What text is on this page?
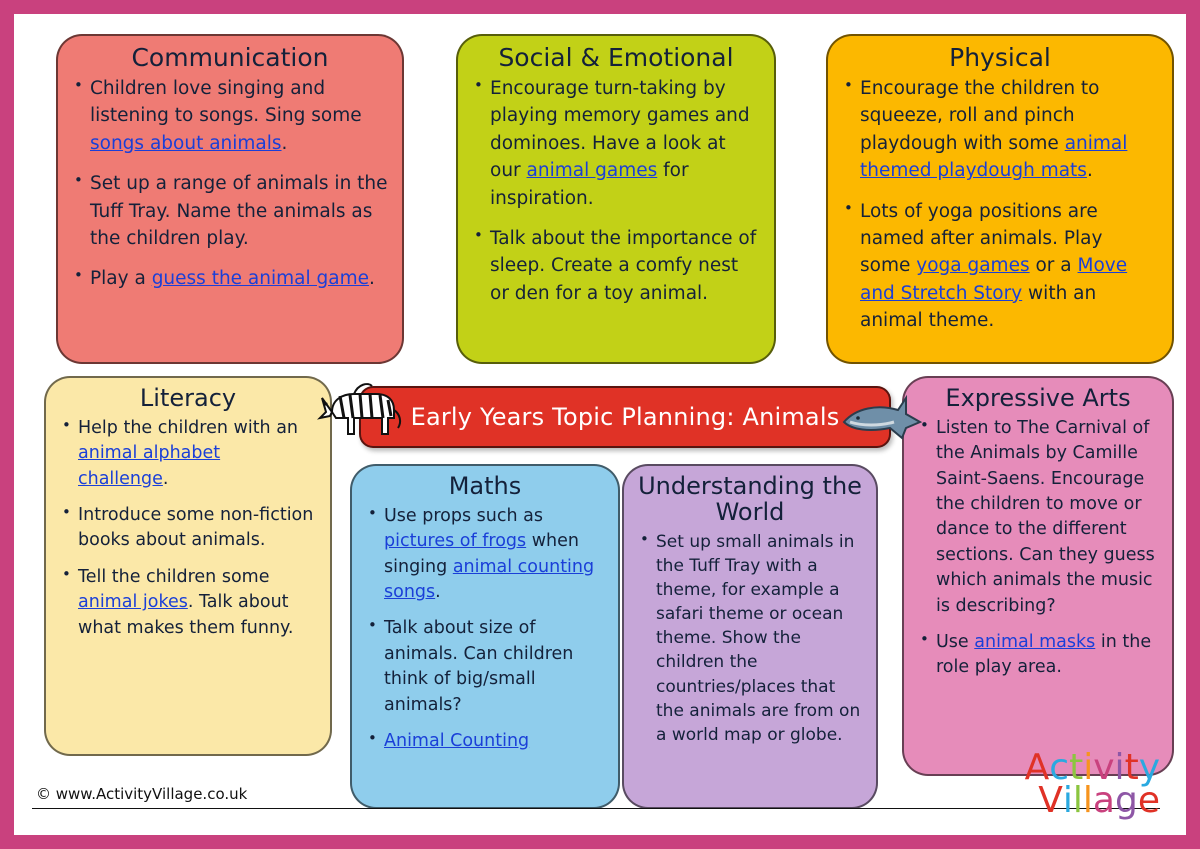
Communication
• Children love singing and listening to songs. Sing some songs about animals.
• Set up a range of animals in the Tuff Tray. Name the animals as the children play.
• Play a guess the animal game.
Social & Emotional
• Encourage turn-taking by playing memory games and dominoes. Have a look at our animal games for inspiration.
• Talk about the importance of sleep. Create a comfy nest or den for a toy animal.
Physical
• Encourage the children to squeeze, roll and pinch playdough with some animal themed playdough mats.
• Lots of yoga positions are named after animals. Play some yoga games or a Move and Stretch Story with an animal theme.
Literacy
• Help the children with an animal alphabet challenge.
• Introduce some non-fiction books about animals.
• Tell the children some animal jokes. Talk about what makes them funny.
Maths
• Use props such as pictures of frogs when singing animal counting songs.
• Talk about size of animals. Can children think of big/small animals?
• Animal Counting
Understanding the World
• Set up small animals in the Tuff Tray with a theme, for example a safari theme or ocean theme. Show the children the countries/places that the animals are from on a world map or globe.
Expressive Arts
• Listen to The Carnival of the Animals by Camille Saint-Saens. Encourage the children to move or dance to the different sections. Can they guess which animals the music is describing?
• Use animal masks in the role play area.
Early Years Topic Planning: Animals
© www.ActivityVillage.co.uk
Activity
Village
